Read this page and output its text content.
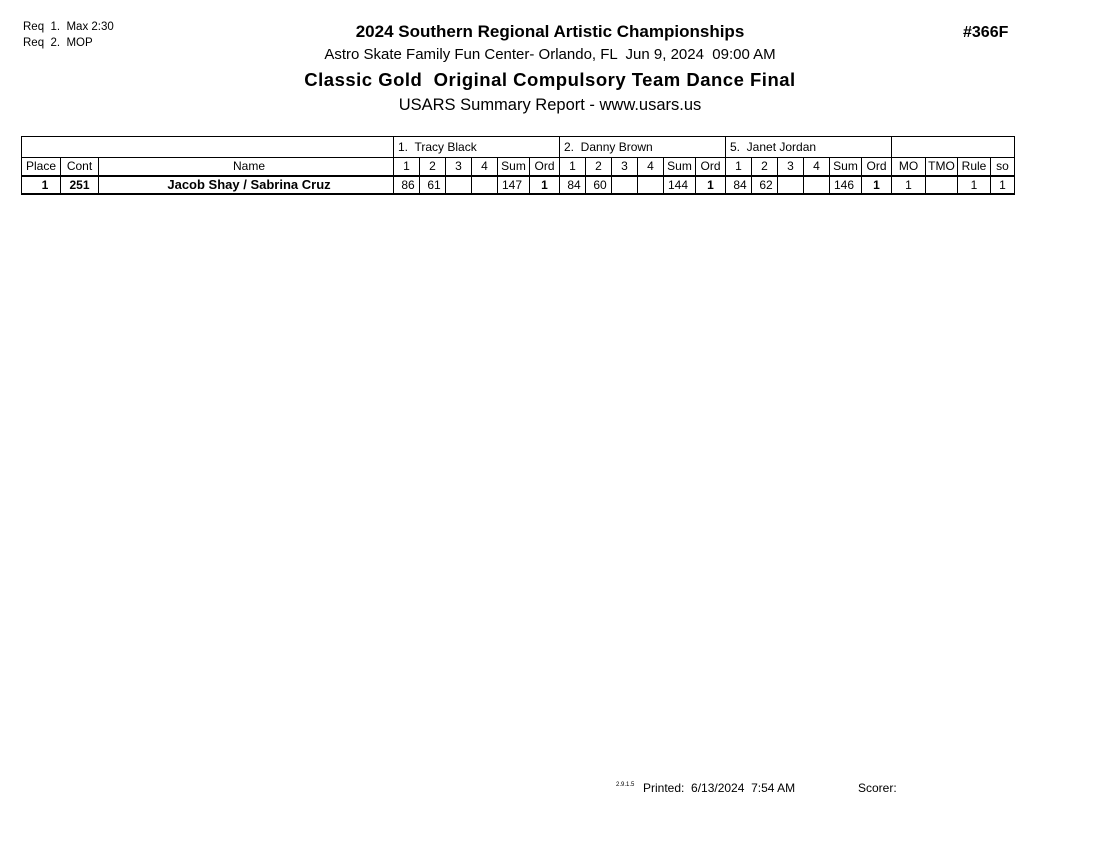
Req  1.  Max 2:30
Req  2.  MOP
2024 Southern Regional Artistic Championships
Astro Skate Family Fun Center- Orlando, FL  Jun 9, 2024  09:00 AM
Classic Gold  Original Compulsory Team Dance Final
USARS Summary Report - www.usars.us
#366F
			1.  Tracy Black						2.  Danny Brown						5.  Janet Jordan									
Place	Cont	Name	1	2	3	4	Sum	Ord	1	2	3	4	Sum	Ord	1	2	3	4	Sum	Ord	MO	TMO	Rule	so
1	251	Jacob Shay / Sabrina Cruz	86	61			147	1	84	60			144	1	84	62			146	1	1		1	1
2.9.1.5 Printed:  6/13/2024  7:54 AM	Scorer:
